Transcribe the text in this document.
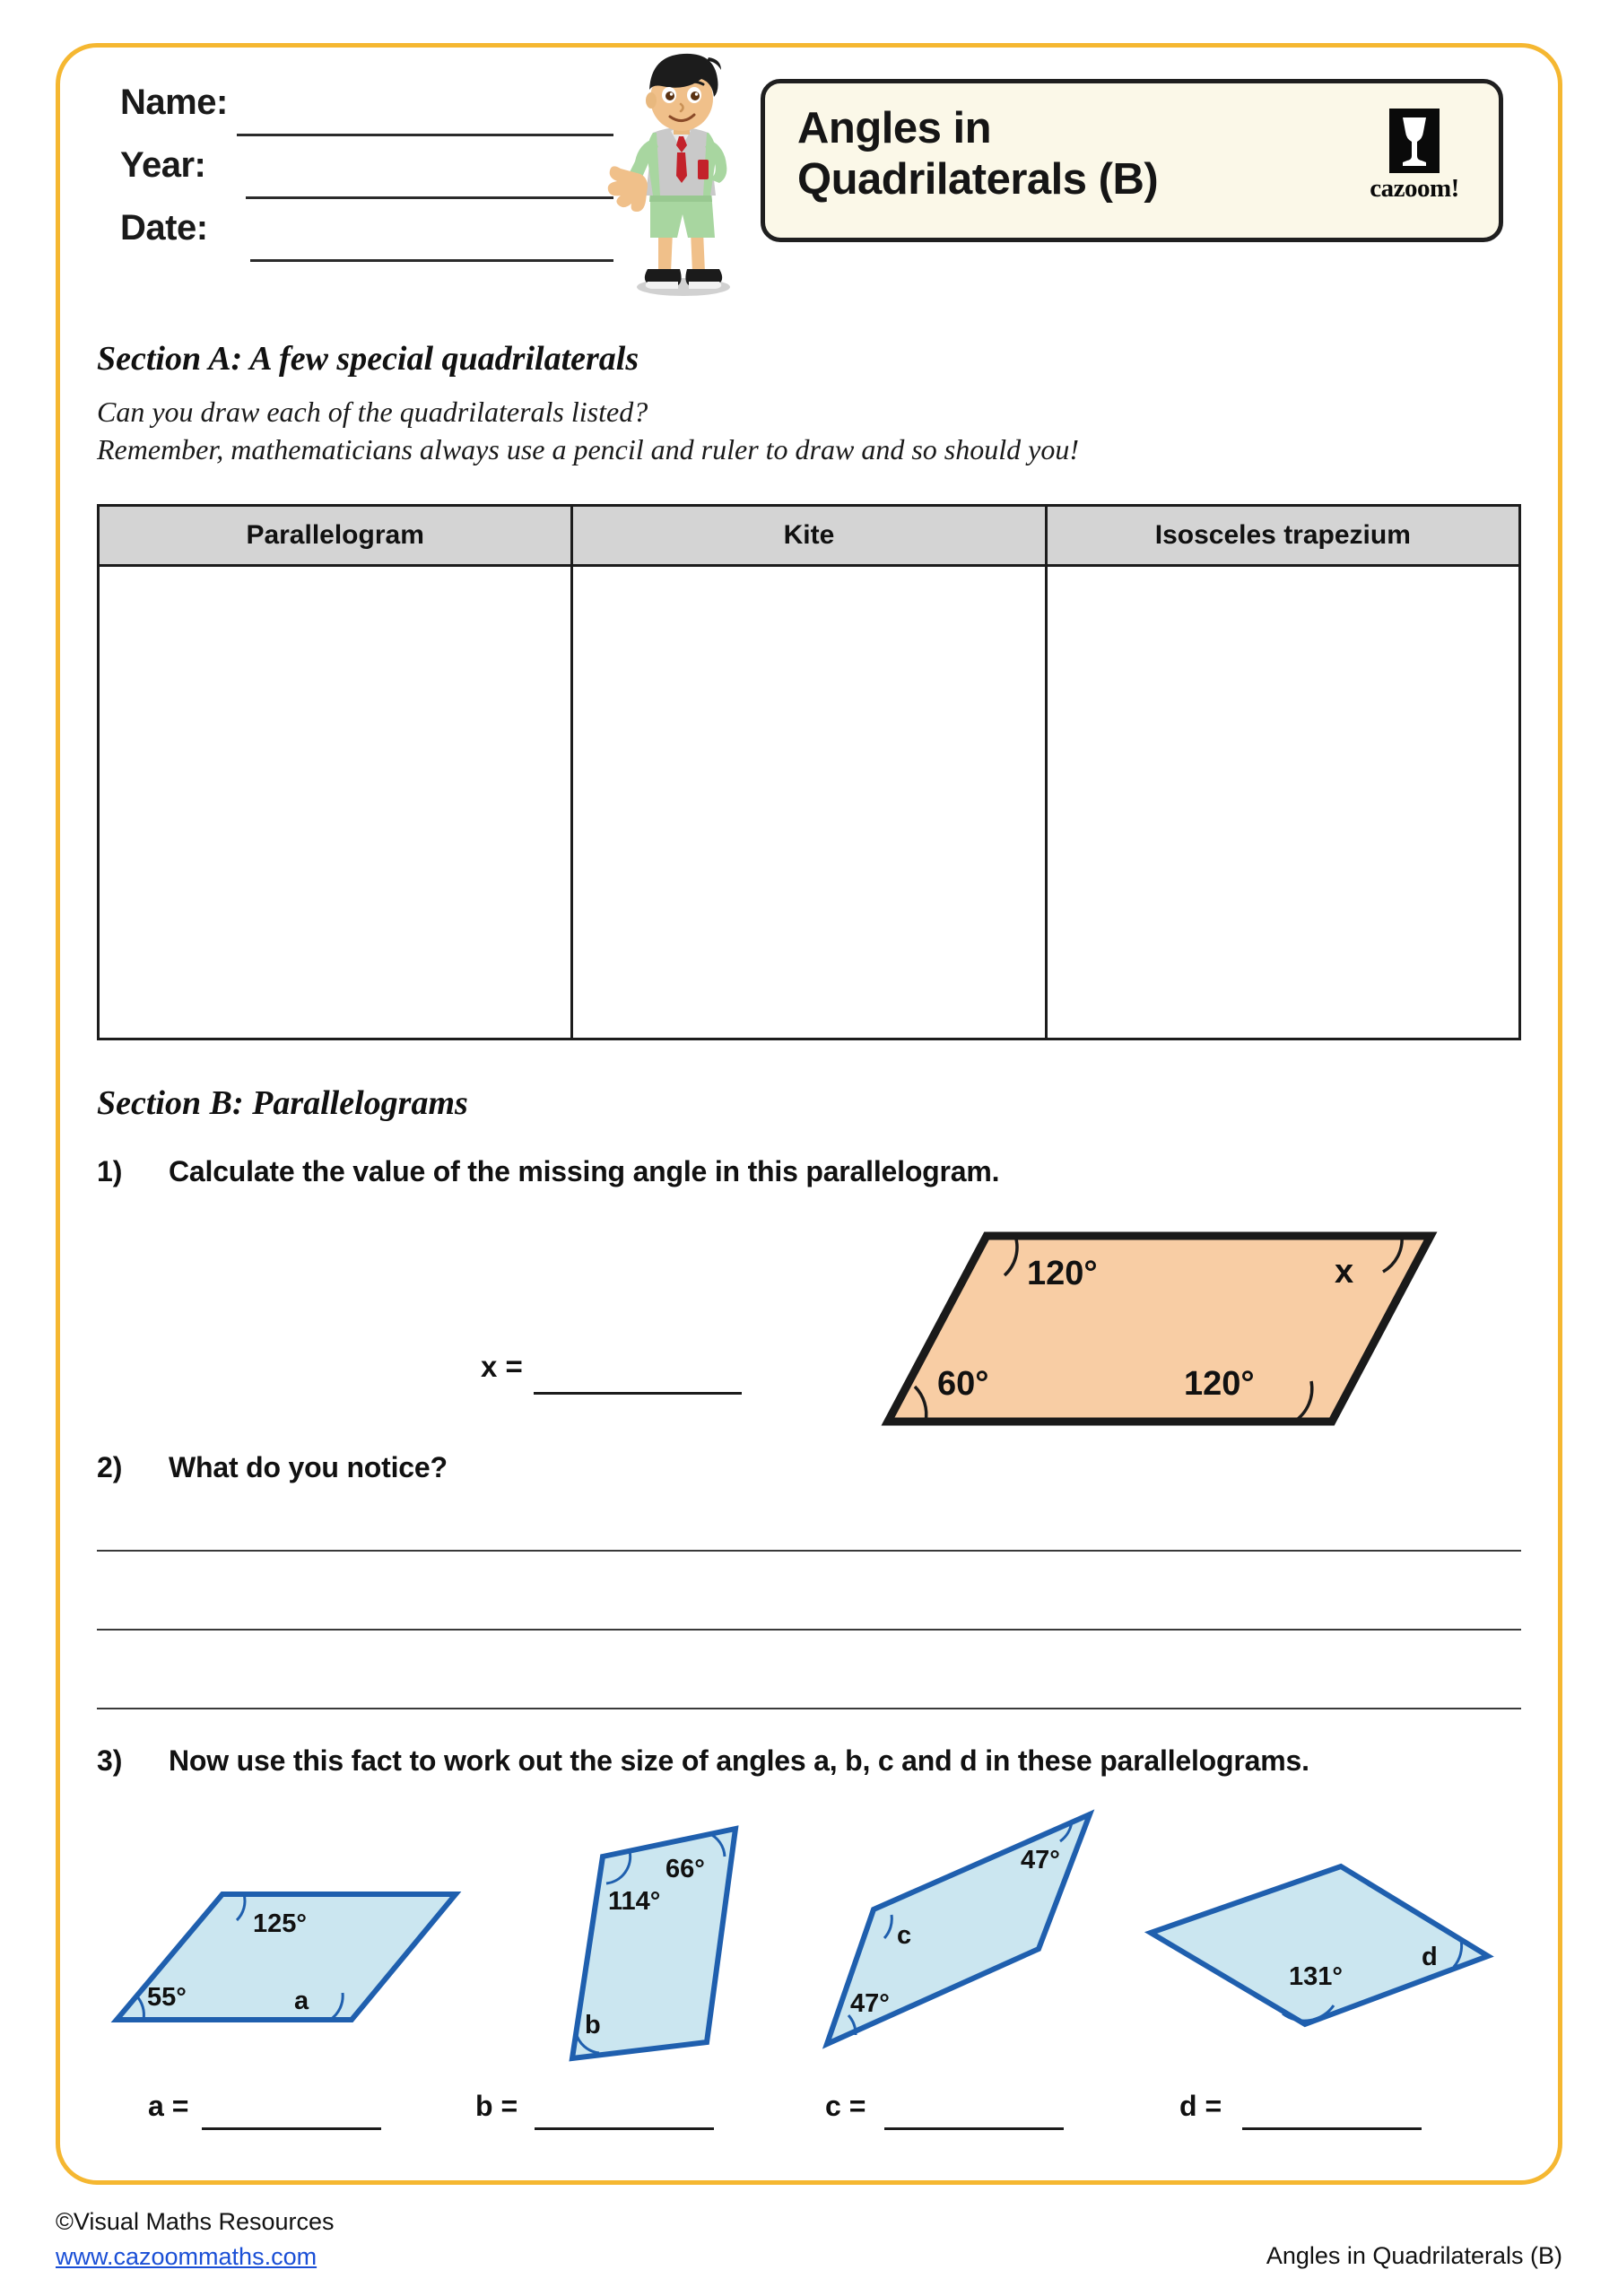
Name:
Year:
Date:
Angles in
Quadrilaterals (B)	cazoom!
Section A: A few special quadrilaterals
Can you draw each of the quadrilaterals listed?
Remember, mathematicians always use a pencil and ruler to draw and so should you!
Parallelogram	Kite	Isosceles trapezium
Section B: Parallelograms
1) Calculate the value of the missing angle in this parallelogram.
x =
120°	x
60°	120°
2) What do you notice?
3) Now use this fact to work out the size of angles a, b, c and d in these parallelograms.
125°
55°	a
66°
114°
b
47°
c
47°
131°
d
a =	b =	c =	d =
©Visual Maths Resources
www.cazoommaths.com	Angles in Quadrilaterals (B)
